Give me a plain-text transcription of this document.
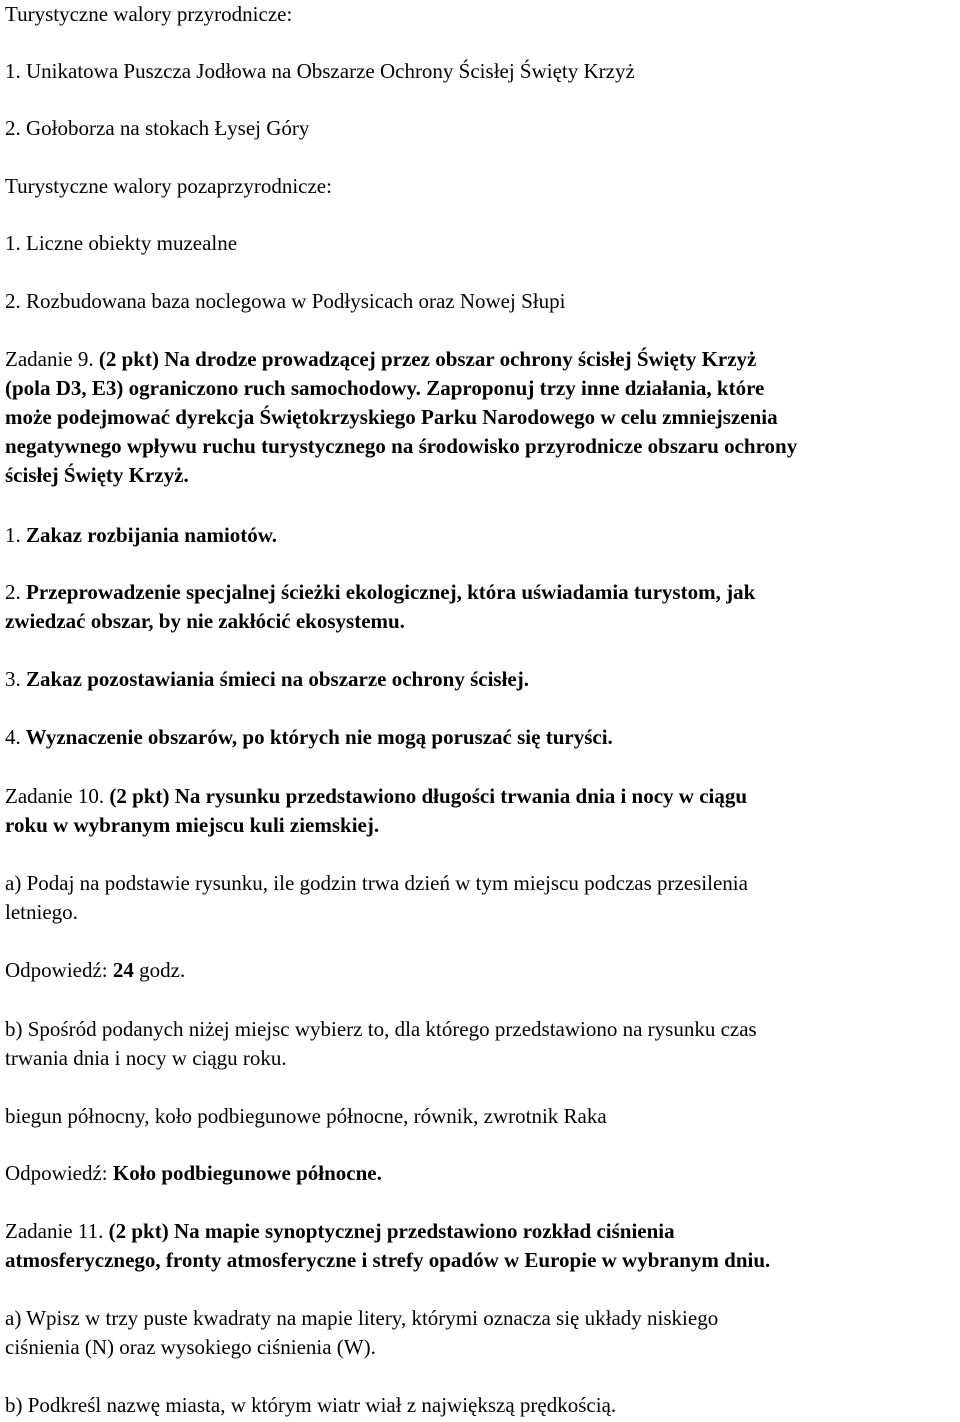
Turystyczne walory przyrodnicze:
1. Unikatowa Puszcza Jodłowa na Obszarze Ochrony Ścisłej Święty Krzyż
2. Gołoborza na stokach Łysej Góry
Turystyczne walory pozaprzyrodnicze:
1. Liczne obiekty muzealne
2. Rozbudowana baza noclegowa w Podłysicach oraz Nowej Słupi
Zadanie 9. (2 pkt) Na drodze prowadzącej przez obszar ochrony ścisłej Święty Krzyż
(pola D3, E3) ograniczono ruch samochodowy. Zaproponuj trzy inne działania, które
może podejmować dyrekcja Świętokrzyskiego Parku Narodowego w celu zmniejszenia
negatywnego wpływu ruchu turystycznego na środowisko przyrodnicze obszaru ochrony
ścisłej Święty Krzyż.
1. Zakaz rozbijania namiotów.
2. Przeprowadzenie specjalnej ścieżki ekologicznej, która uświadamia turystom, jak
zwiedzać obszar, by nie zakłócić ekosystemu.
3. Zakaz pozostawiania śmieci na obszarze ochrony ścisłej.
4. Wyznaczenie obszarów, po których nie mogą poruszać się turyści.
Zadanie 10. (2 pkt) Na rysunku przedstawiono długości trwania dnia i nocy w ciągu
roku w wybranym miejscu kuli ziemskiej.
a) Podaj na podstawie rysunku, ile godzin trwa dzień w tym miejscu podczas przesilenia
letniego.
Odpowiedź: 24 godz.
b) Spośród podanych niżej miejsc wybierz to, dla którego przedstawiono na rysunku czas
trwania dnia i nocy w ciągu roku.
biegun północny, koło podbiegunowe północne, równik, zwrotnik Raka
Odpowiedź: Koło podbiegunowe północne.
Zadanie 11. (2 pkt) Na mapie synoptycznej przedstawiono rozkład ciśnienia
atmosferycznego, fronty atmosferyczne i strefy opadów w Europie w wybranym dniu.
a) Wpisz w trzy puste kwadraty na mapie litery, którymi oznacza się układy niskiego
ciśnienia (N) oraz wysokiego ciśnienia (W).
b) Podkreśl nazwę miasta, w którym wiatr wiał z największą prędkością.
